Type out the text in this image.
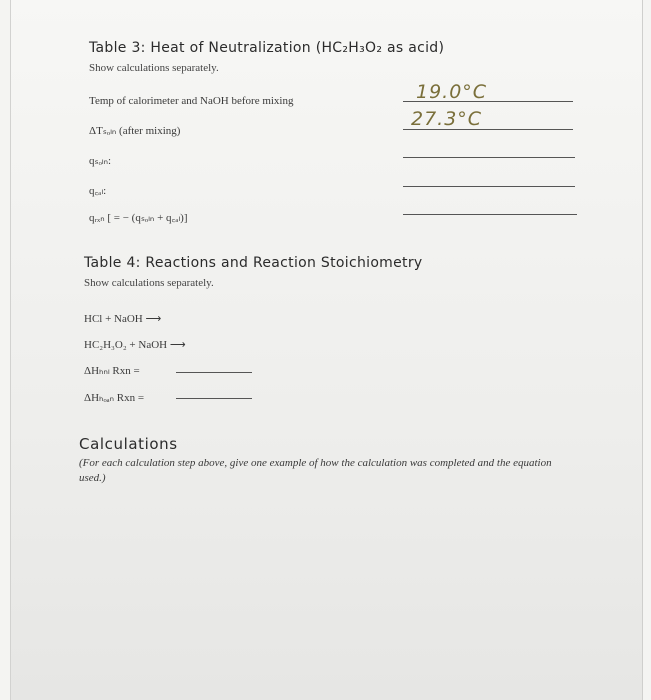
Table 3: Heat of Neutralization (HC₂H₃O₂ as acid)
Show calculations separately.
Temp of calorimeter and NaOH before mixing	19.0°C
ΔTₛₒₗₙ (after mixing)
27.3°C
qₛₒₗₙ:
q꜀ₐₗ:
qᵣₓₙ [ = − (qₛₒₗₙ + q꜀ₐₗ)]
Table 4: Reactions and Reaction Stoichiometry
Show calculations separately.
HCl + NaOH ⟶
HC₂H₃O₂ + NaOH ⟶
ΔHₕₙₗ Rxn =
ΔHₕₒₐₙ Rxn =
Calculations
(For each calculation step above, give one example of how the calculation was completed and the equation used.)
